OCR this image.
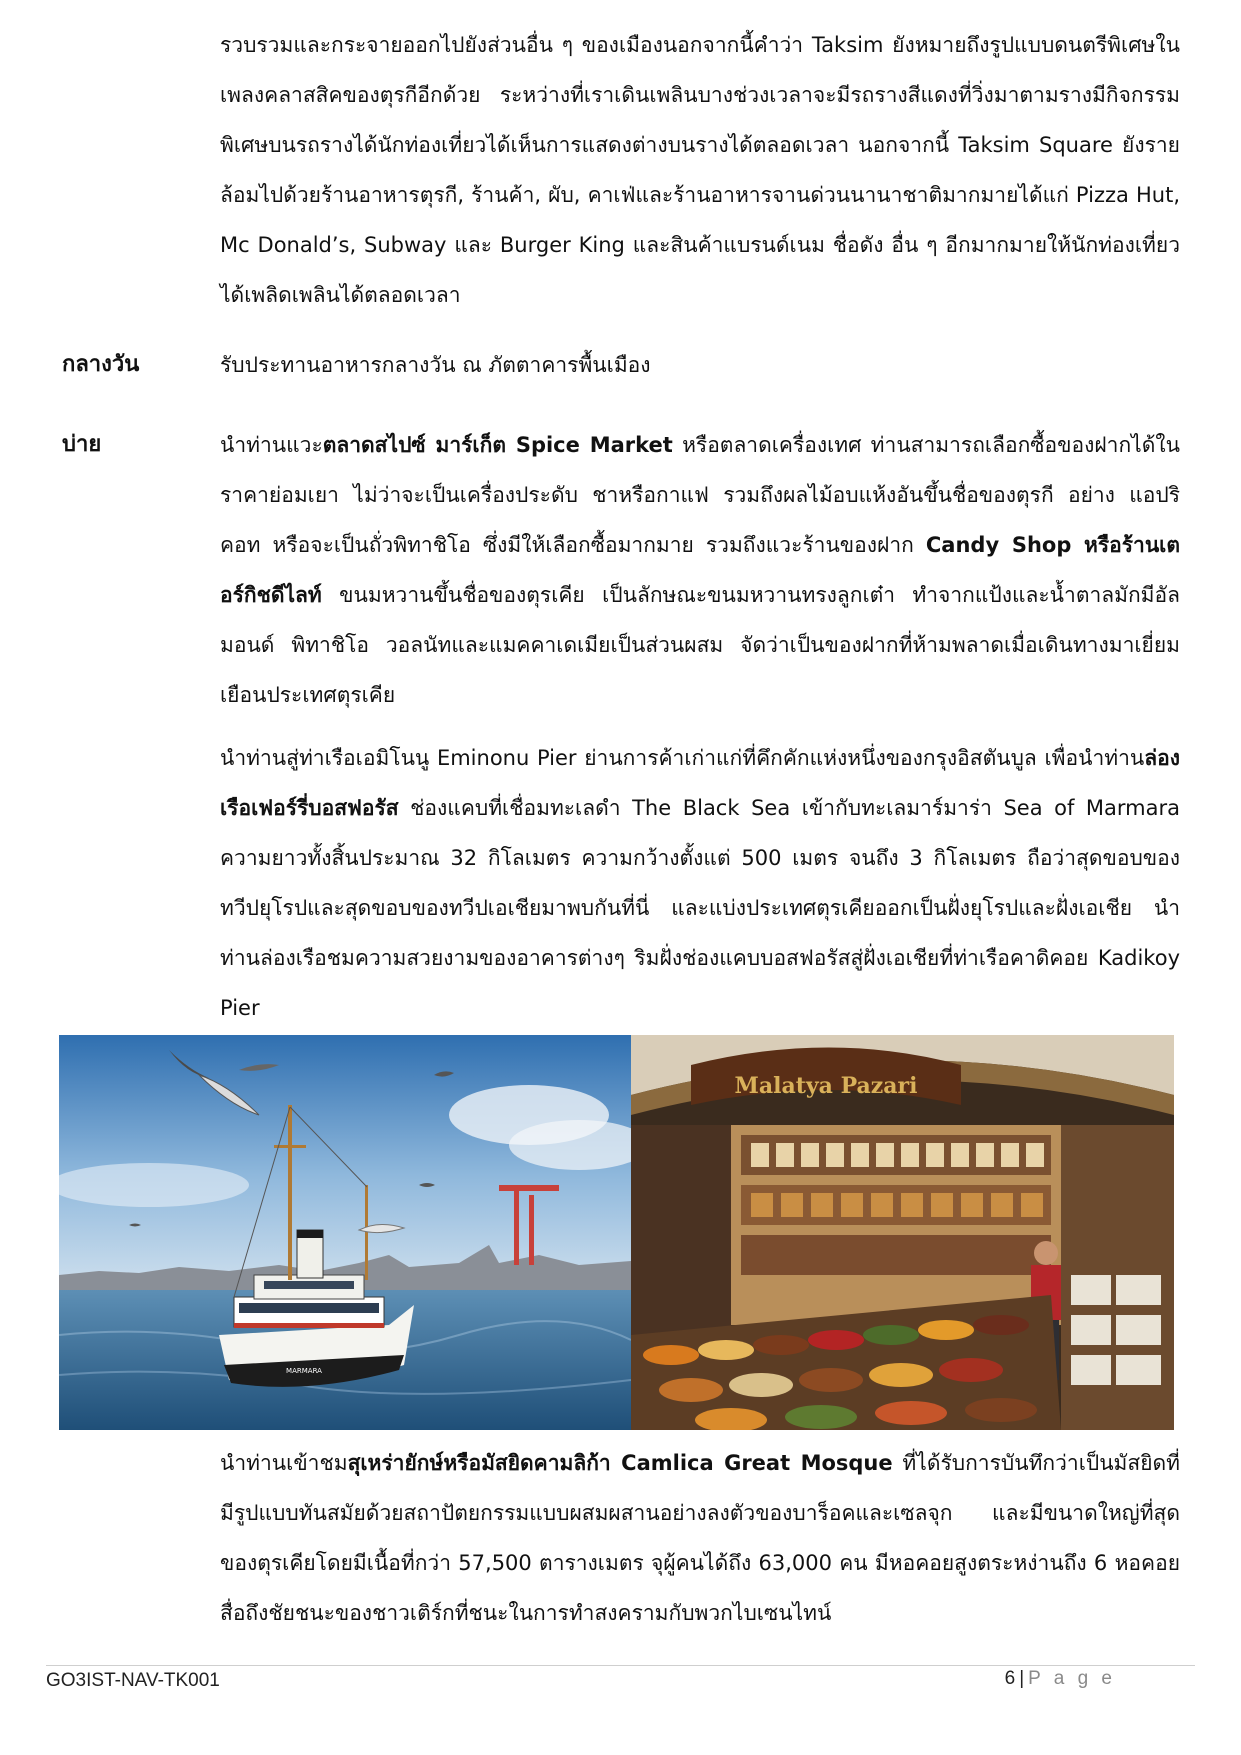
รวบรวมและกระจายออกไปยังส่วนอื่น ๆ ของเมืองนอกจากนี้คำว่า Taksim ยังหมายถึงรูปแบบดนตรีพิเศษในเพลงคลาสสิคของตุรกีอีกด้วย ระหว่างที่เราเดินเพลินบางช่วงเวลาจะมีรถรางสีแดงที่วิ่งมาตามรางมีกิจกรรมพิเศษบนรถรางได้นักท่องเที่ยวได้เห็นการแสดงต่างบนรางได้ตลอดเวลา นอกจากนี้ Taksim Square ยังรายล้อมไปด้วยร้านอาหารตุรกี, ร้านค้า, ผับ, คาเฟ่และร้านอาหารจานด่วนนานาชาติมากมายได้แก่ Pizza Hut, Mc Donald’s, Subway และ Burger King และสินค้าแบรนด์เนม ชื่อดัง อื่น ๆ อีกมากมายให้นักท่องเที่ยวได้เพลิดเพลินได้ตลอดเวลา
กลางวัน	รับประทานอาหารกลางวัน ณ ภัตตาคารพื้นเมือง
บ่าย	นำท่านแวะตลาดสไปซ์ มาร์เก็ต Spice Market หรือตลาดเครื่องเทศ ท่านสามารถเลือกซื้อของฝากได้ในราคาย่อมเยา ไม่ว่าจะเป็นเครื่องประดับ ชาหรือกาแฟ รวมถึงผลไม้อบแห้งอันขึ้นชื่อของตุรกี อย่าง แอปริคอท หรือจะเป็นถั่วพิทาชิโอ ซึ่งมีให้เลือกซื้อมากมาย รวมถึงแวะร้านของฝาก Candy Shop หรือร้านเตอร์กิชดีไลท์ ขนมหวานขึ้นชื่อของตุรเคีย เป็นลักษณะขนมหวานทรงลูกเต๋า ทำจากแป้งและน้ำตาลมักมีอัลมอนด์ พิทาชิโอ วอลนัทและแมคคาเดเมียเป็นส่วนผสม จัดว่าเป็นของฝากที่ห้ามพลาดเมื่อเดินทางมาเยี่ยมเยือนประเทศตุรเคีย
นำท่านสู่ท่าเรือเอมิโนนู Eminonu Pier ย่านการค้าเก่าแก่ที่คึกคักแห่งหนึ่งของกรุงอิสตันบูล เพื่อนำท่านล่องเรือเฟอร์รี่บอสฟอรัส ช่องแคบที่เชื่อมทะเลดำ The Black Sea เข้ากับทะเลมาร์มาร่า Sea of Marmara ความยาวทั้งสิ้นประมาณ 32 กิโลเมตร ความกว้างตั้งแต่ 500 เมตร จนถึง 3 กิโลเมตร ถือว่าสุดขอบของทวีปยุโรปและสุดขอบของทวีปเอเชียมาพบกันที่นี่ และแบ่งประเทศตุรเคียออกเป็นฝั่งยุโรปและฝั่งเอเชีย นำท่านล่องเรือชมความสวยงามของอาคารต่างๆ ริมฝั่งช่องแคบบอสฟอรัสสู่ฝั่งเอเชียที่ท่าเรือคาดิคอย Kadikoy Pier
MARMARA
Malatya Pazari
นำท่านเข้าชมสุเหร่ายักษ์หรือมัสยิดคามลิก้า Camlica Great Mosque ที่ได้รับการบันทึกว่าเป็นมัสยิดที่มีรูปแบบทันสมัยด้วยสถาปัตยกรรมแบบผสมผสานอย่างลงตัวของบาร็อคและเซลจุก และมีขนาดใหญ่ที่สุดของตุรเคียโดยมีเนื้อที่กว่า 57,500 ตารางเมตร จุผู้คนได้ถึง 63,000 คน มีหอคอยสูงตระหง่านถึง 6 หอคอย สื่อถึงชัยชนะของชาวเติร์กที่ชนะในการทำสงครามกับพวกไบเซนไทน์
GO3IST-NAV-TK001	6 | P a g e
